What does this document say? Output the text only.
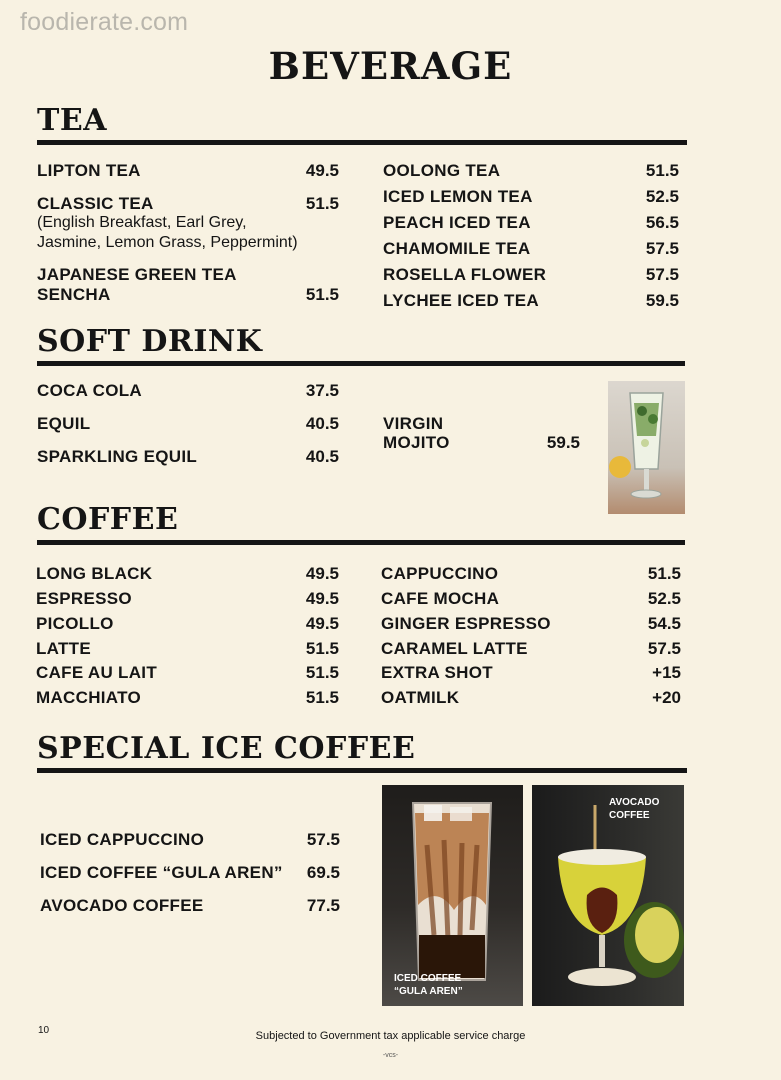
foodierate.com
BEVERAGE
TEA
LIPTON TEA	49.5
CLASSIC TEA	51.5
(English Breakfast, Earl Grey,
Jasmine, Lemon Grass, Peppermint)
JAPANESE GREEN TEA
SENCHA	51.5
OOLONG TEA	51.5
ICED LEMON TEA	52.5
PEACH ICED TEA	56.5
CHAMOMILE TEA	57.5
ROSELLA FLOWER	57.5
LYCHEE ICED TEA	59.5
SOFT DRINK
COCA COLA	37.5
EQUIL	40.5
SPARKLING EQUIL	40.5
VIRGIN
MOJITO	59.5
COFFEE
LONG BLACK	49.5
ESPRESSO	49.5
PICOLLO	49.5
LATTE	51.5
CAFE AU LAIT	51.5
MACCHIATO	51.5
CAPPUCCINO	51.5
CAFE MOCHA	52.5
GINGER ESPRESSO	54.5
CARAMEL LATTE	57.5
EXTRA SHOT	+15
OATMILK	+20
SPECIAL ICE COFFEE
ICED CAPPUCCINO	57.5
ICED COFFEE “GULA AREN”	69.5
AVOCADO COFFEE	77.5
ICED COFFEE
“GULA AREN”
AVOCADO
COFFEE
10	Subjected to Government tax applicable service charge
-vcs-
